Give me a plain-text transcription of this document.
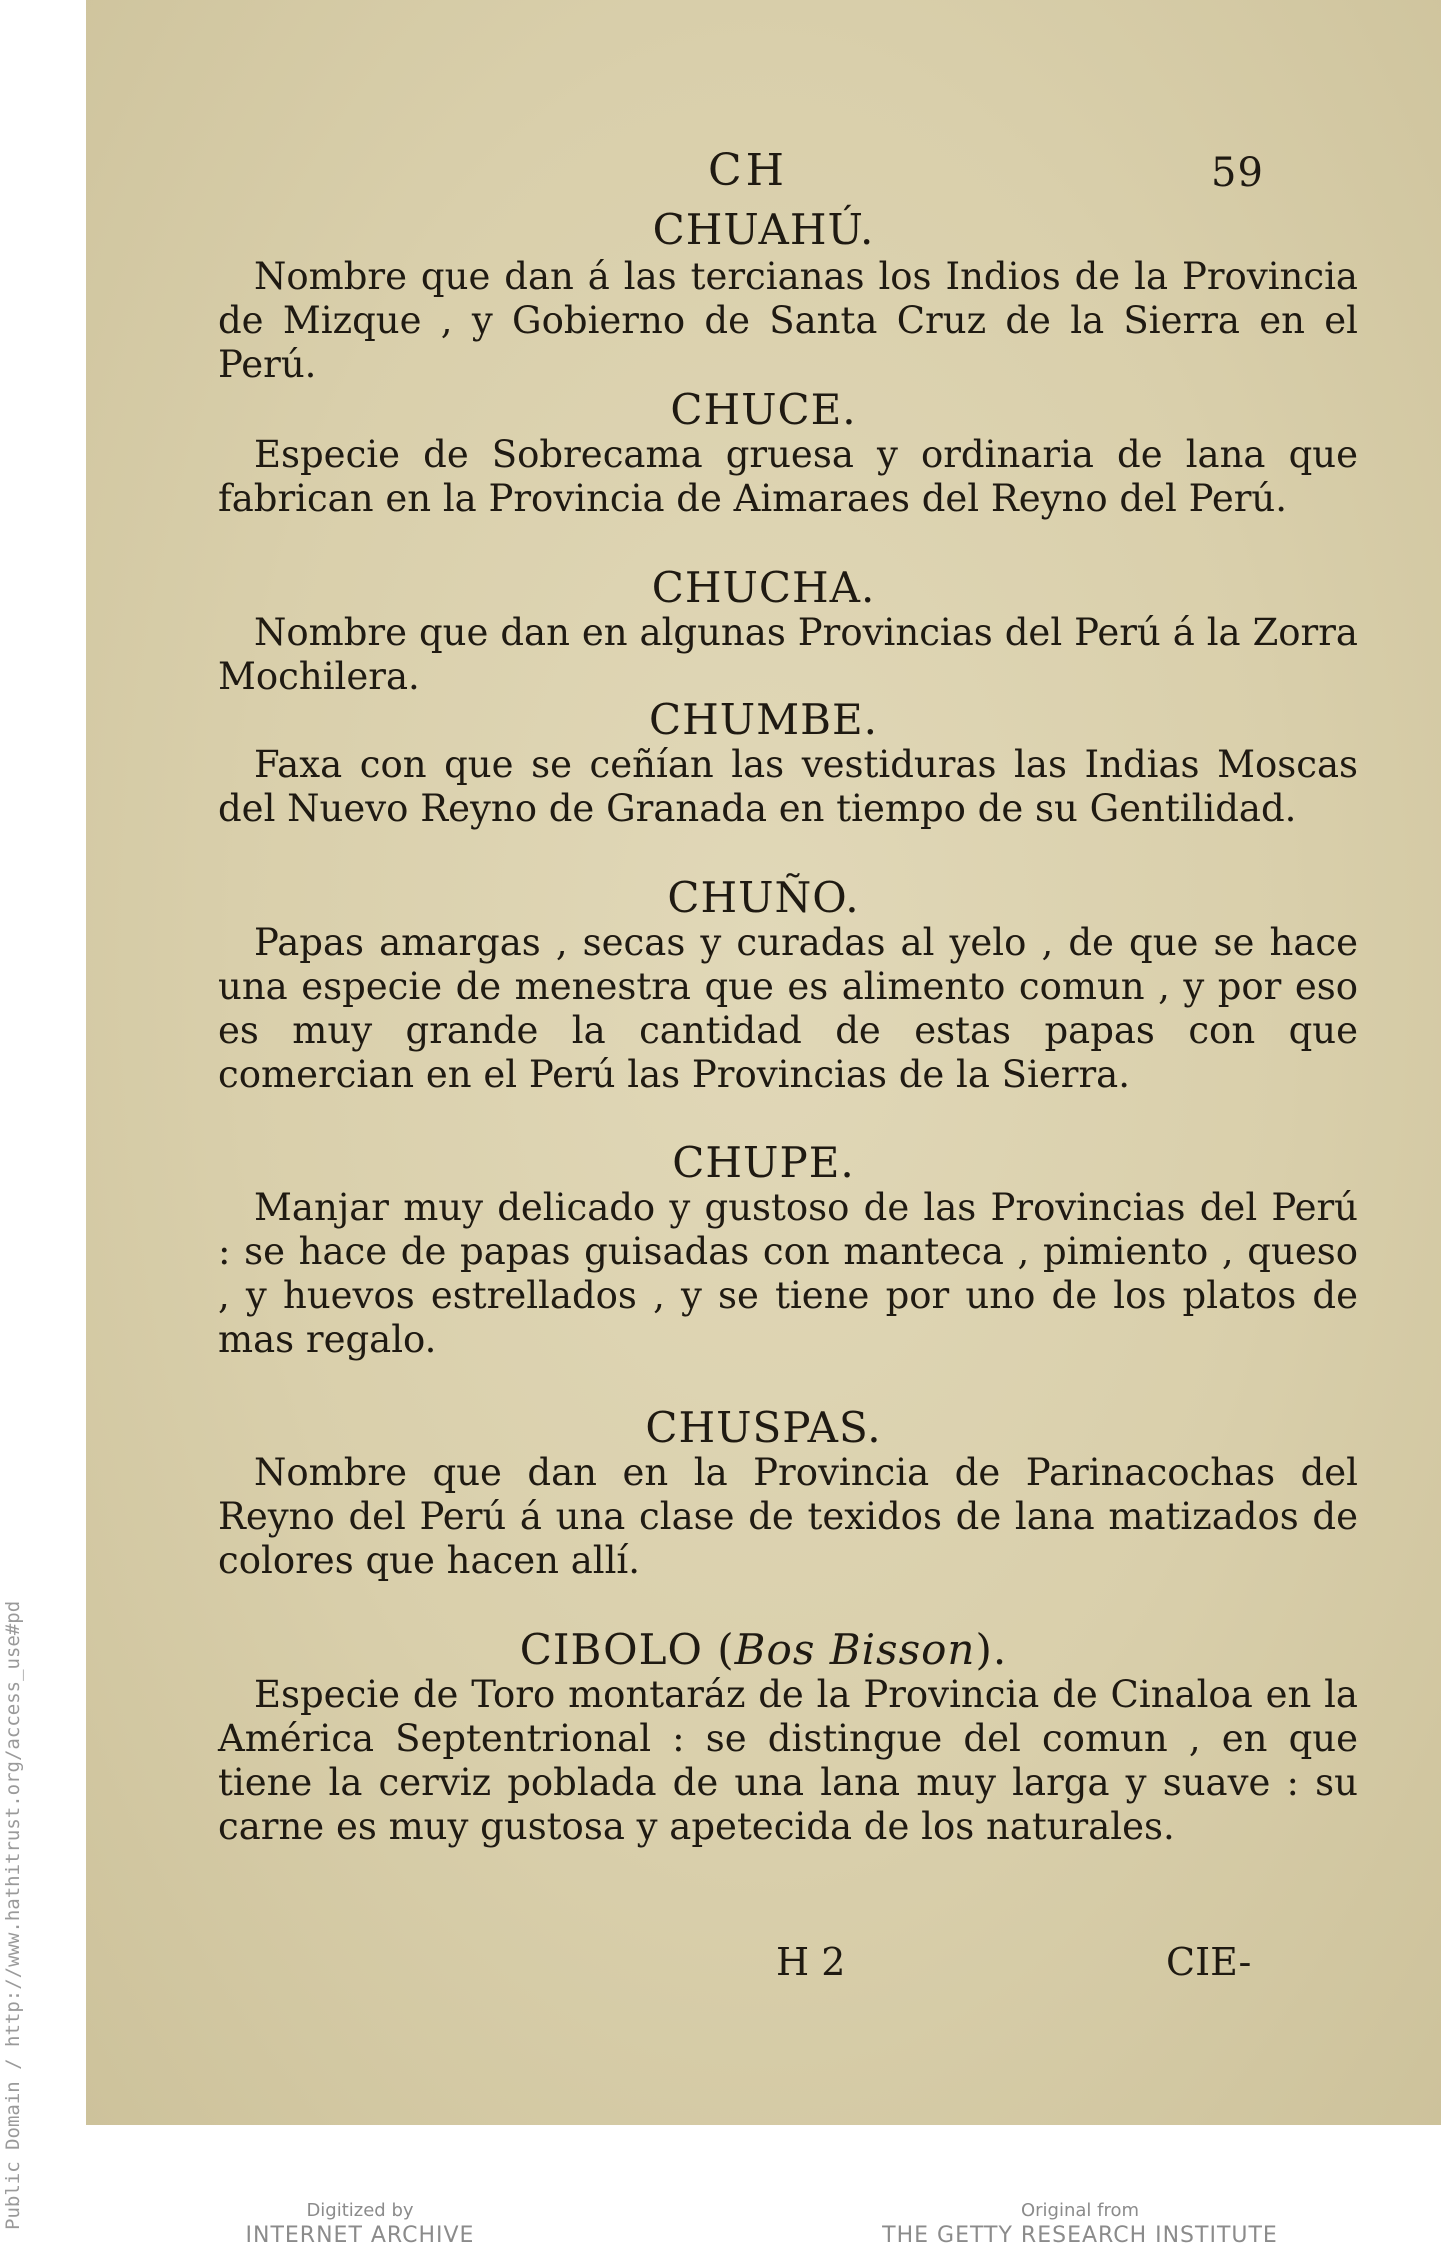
Public Domain / http://www.hathitrust.org/access_use#pd
CH	59
CHUAHÚ.

Nombre que dan á las tercianas los Indios de la Provincia de Mizque , y Gobierno de Santa Cruz de la Sierra en el Perú.

CHUCE.

Especie de Sobrecama gruesa y ordinaria de lana que fabrican en la Provincia de Aimaraes del Reyno del Perú.

CHUCHA.

Nombre que dan en algunas Provincias del Perú á la Zorra Mochilera.

CHUMBE.

Faxa con que se ceñían las vestiduras las Indias Moscas del Nuevo Reyno de Granada en tiempo de su Gentilidad.

CHUÑO.

Papas amargas , secas y curadas al yelo , de que se hace una especie de menestra que es alimento comun , y por eso es muy grande la cantidad de estas papas con que comercian en el Perú las Provincias de la Sierra.

CHUPE.

Manjar muy delicado y gustoso de las Provincias del Perú : se hace de papas guisadas con manteca , pimiento , queso , y huevos estrellados , y se tiene por uno de los platos de mas regalo.

CHUSPAS.

Nombre que dan en la Provincia de Parinacochas del Reyno del Perú á una clase de texidos de lana matizados de colores que hacen allí.

CIBOLO (Bos Bisson).

Especie de Toro montaráz de la Provincia de Cinaloa en la América Septentrional : se distingue del comun , en que tiene la cerviz poblada de una lana muy larga y suave : su carne es muy gustosa y apetecida de los naturales.

H 2	CIE-
Digitized by
INTERNET ARCHIVE
Original from
THE GETTY RESEARCH INSTITUTE
